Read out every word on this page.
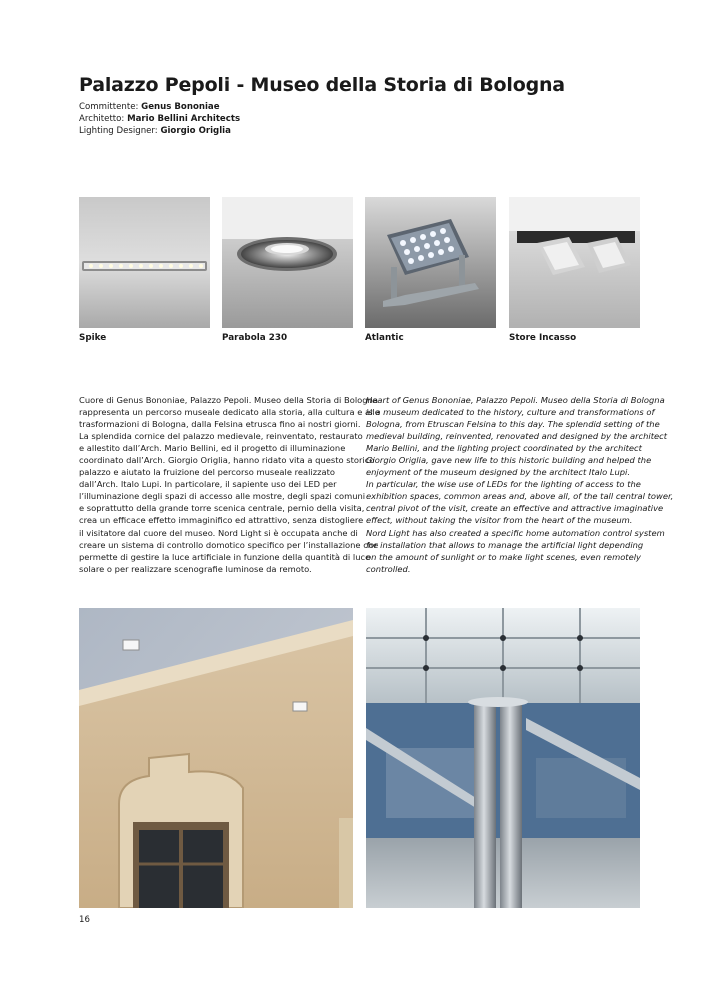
Palazzo Pepoli - Museo della Storia di Bologna
Committente: Genus Bononiae
Architetto: Mario Bellini Architects
Lighting Designer: Giorgio Origlia
Spike	Parabola 230	Atlantic	Store Incasso
Cuore di Genus Bononiae, Palazzo Pepoli. Museo della Storia di Bologna
rappresenta un percorso museale dedicato alla storia, alla cultura e alle
trasformazioni di Bologna, dalla Felsina etrusca fino ai nostri giorni.
La splendida cornice del palazzo medievale, reinventato, restaurato
e allestito dall’Arch. Mario Bellini, ed il progetto di illuminazione
coordinato dall’Arch. Giorgio Origlia, hanno ridato vita a questo storico
palazzo e aiutato la fruizione del percorso museale realizzato
dall’Arch. Italo Lupi. In particolare, il sapiente uso dei LED per
l’illuminazione degli spazi di accesso alle mostre, degli spazi comuni
e soprattutto della grande torre scenica centrale, pernio della visita,
crea un efficace effetto immaginifico ed attrattivo, senza distogliere
il visitatore dal cuore del museo. Nord Light si è occupata anche di
creare un sistema di controllo domotico specifico per l’installazione che
permette di gestire la luce artificiale in funzione della quantità di luce
solare o per realizzare scenografie luminose da remoto.
Heart of Genus Bononiae, Palazzo Pepoli. Museo della Storia di Bologna
is a museum dedicated to the history, culture and transformations of
Bologna, from Etruscan Felsina to this day. The splendid setting of the
medieval building, reinvented, renovated and designed by the architect
Mario Bellini, and the lighting project coordinated by the architect
Giorgio Origlia, gave new life to this historic building and helped the
enjoyment of the museum designed by the architect Italo Lupi.
In particular, the wise use of LEDs for the lighting of access to the
exhibition spaces, common areas and, above all, of the tall central tower,
central pivot of the visit, create an effective and attractive imaginative
effect, without taking the visitor from the heart of the museum.
Nord Light has also created a specific home automation control system
for installation that allows to manage the artificial light depending
on the amount of sunlight or to make light scenes, even remotely
controlled.
16
